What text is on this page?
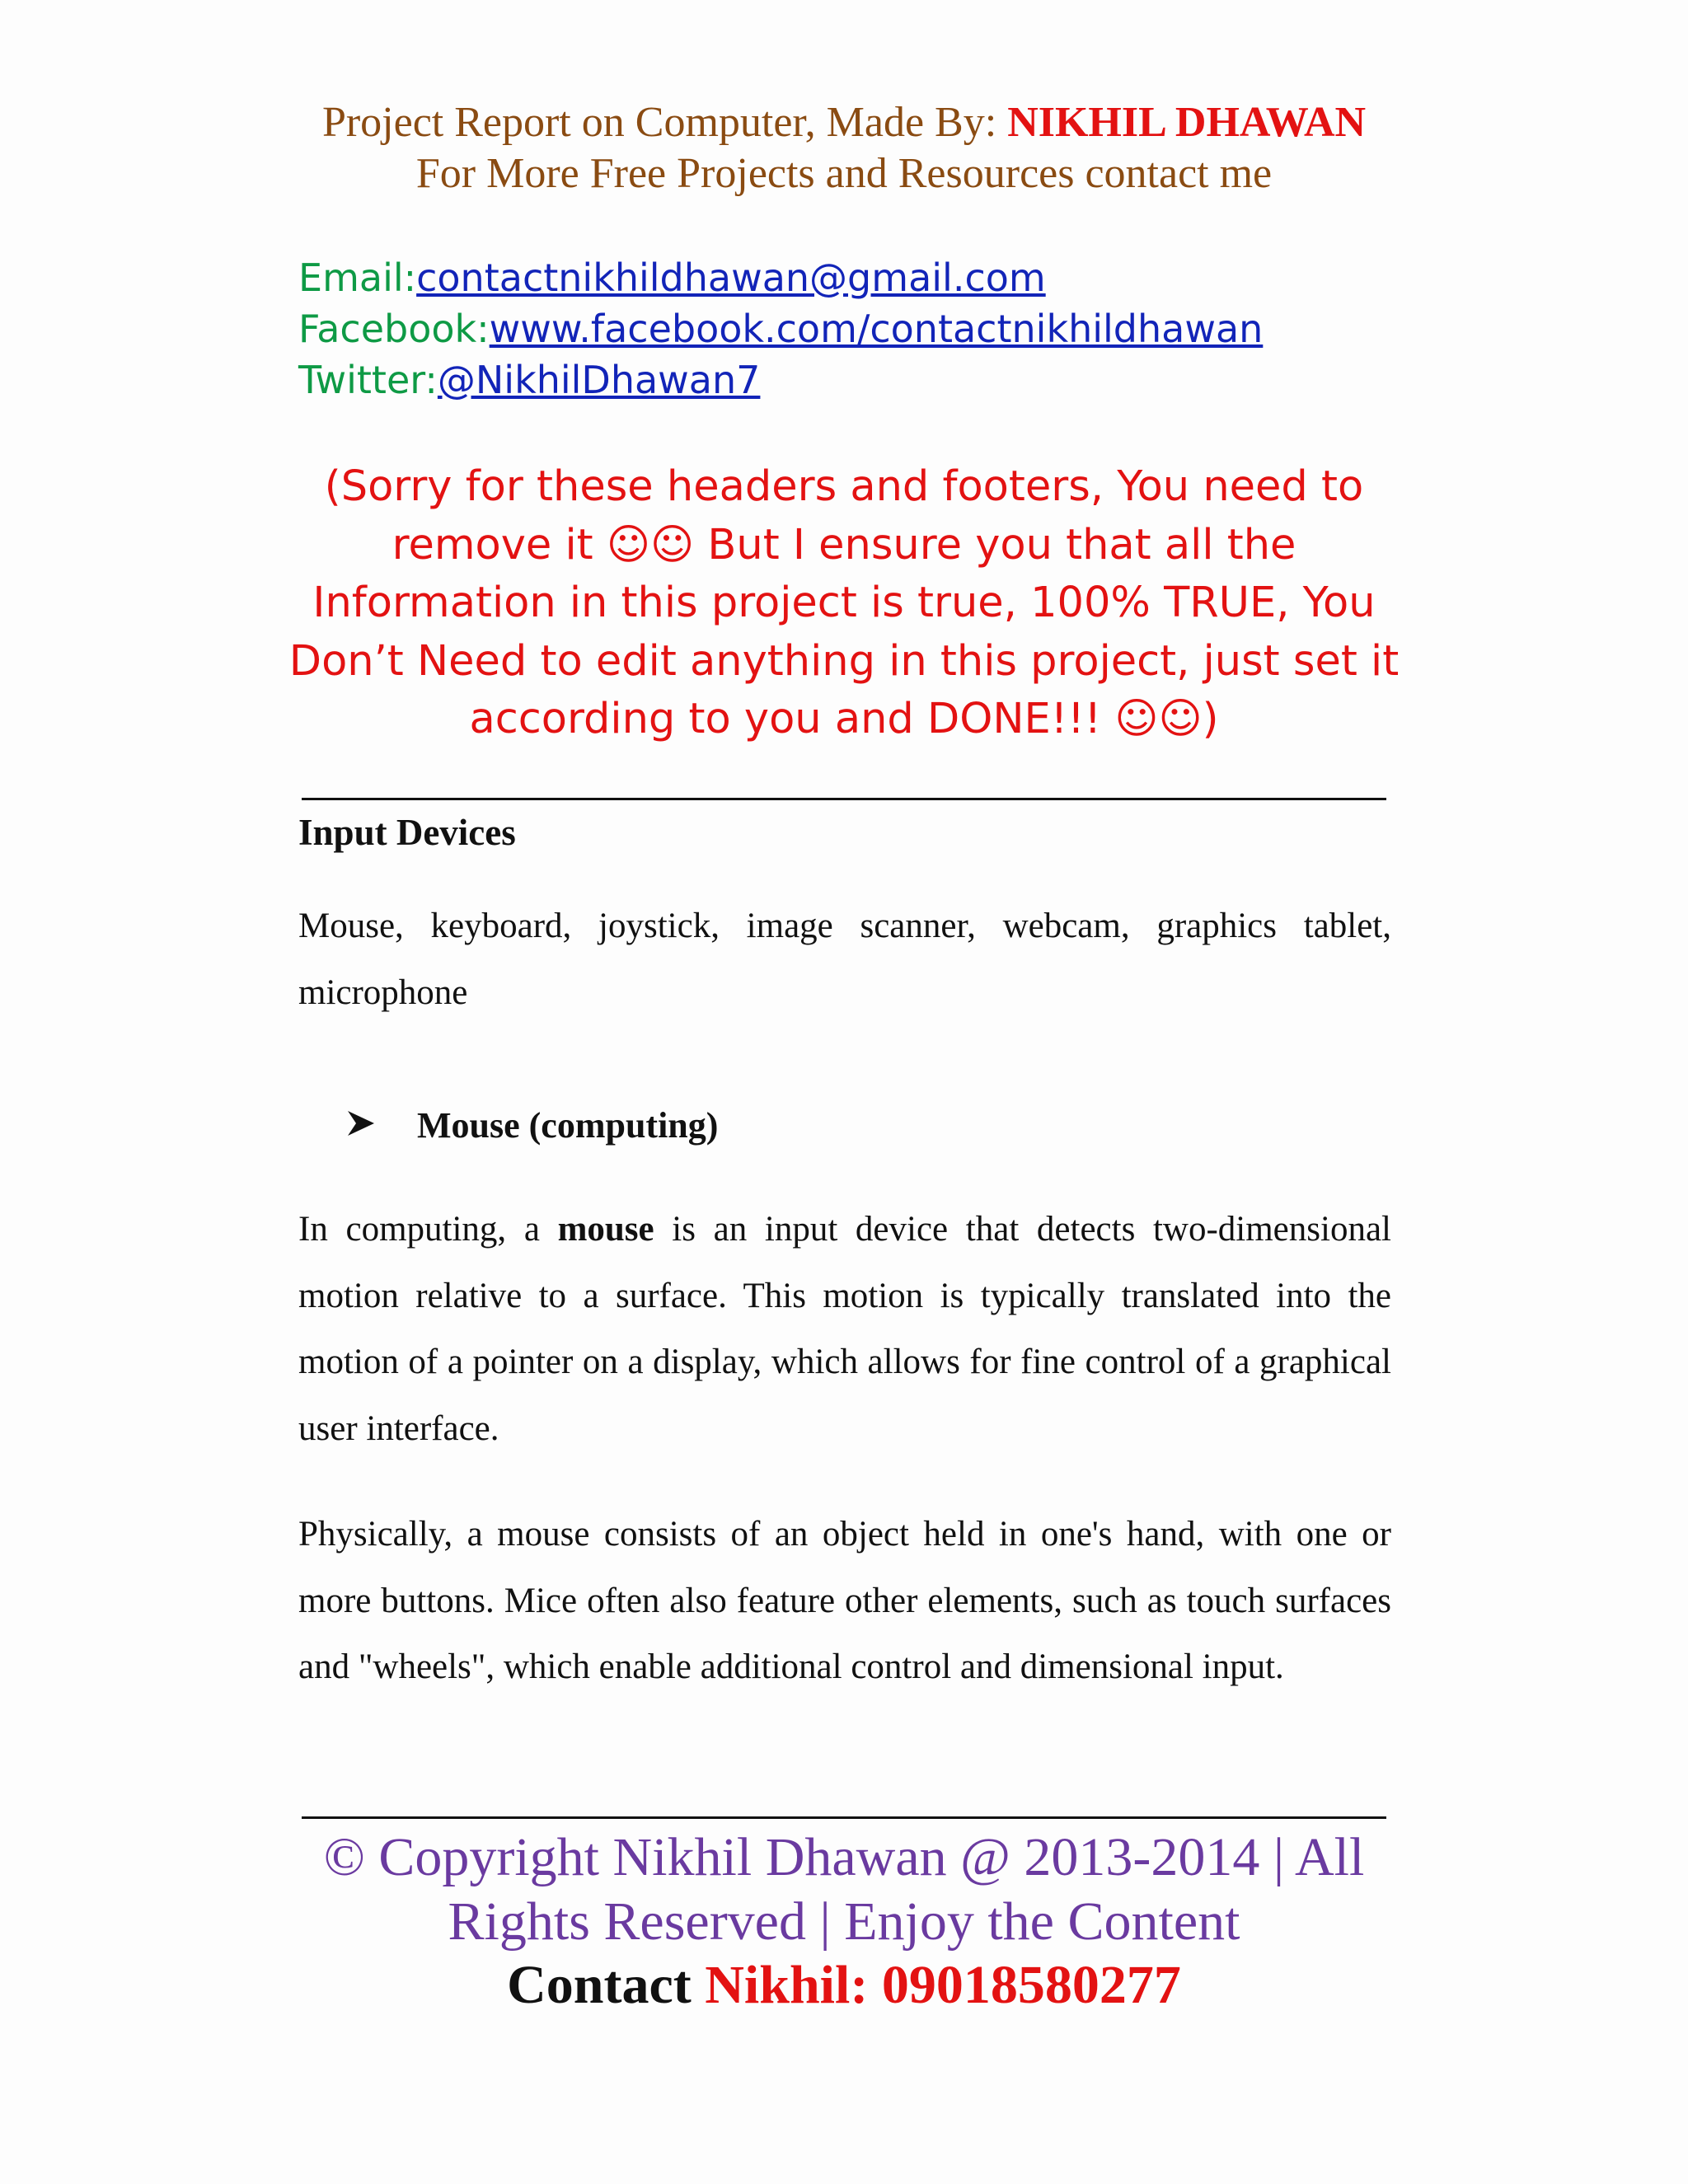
Project Report on Computer, Made By: NIKHIL DHAWAN
For More Free Projects and Resources contact me
Email:contactnikhildhawan@gmail.com
Facebook:www.facebook.com/contactnikhildhawan
Twitter:@NikhilDhawan7
(Sorry for these headers and footers, You need to remove it ☺☺ But I ensure you that all the Information in this project is true, 100% TRUE, You Don’t Need to edit anything in this project, just set it according to you and DONE!!! ☺☺)
Input Devices
Mouse, keyboard, joystick, image scanner, webcam, graphics tablet, microphone
Mouse (computing)
In computing, a mouse is an input device that detects two-dimensional motion relative to a surface. This motion is typically translated into the motion of a pointer on a display, which allows for fine control of a graphical user interface.
Physically, a mouse consists of an object held in one's hand, with one or more buttons. Mice often also feature other elements, such as touch surfaces and "wheels", which enable additional control and dimensional input.
© Copyright Nikhil Dhawan @ 2013-2014 | All Rights Reserved | Enjoy the Content
Contact Nikhil: 09018580277
